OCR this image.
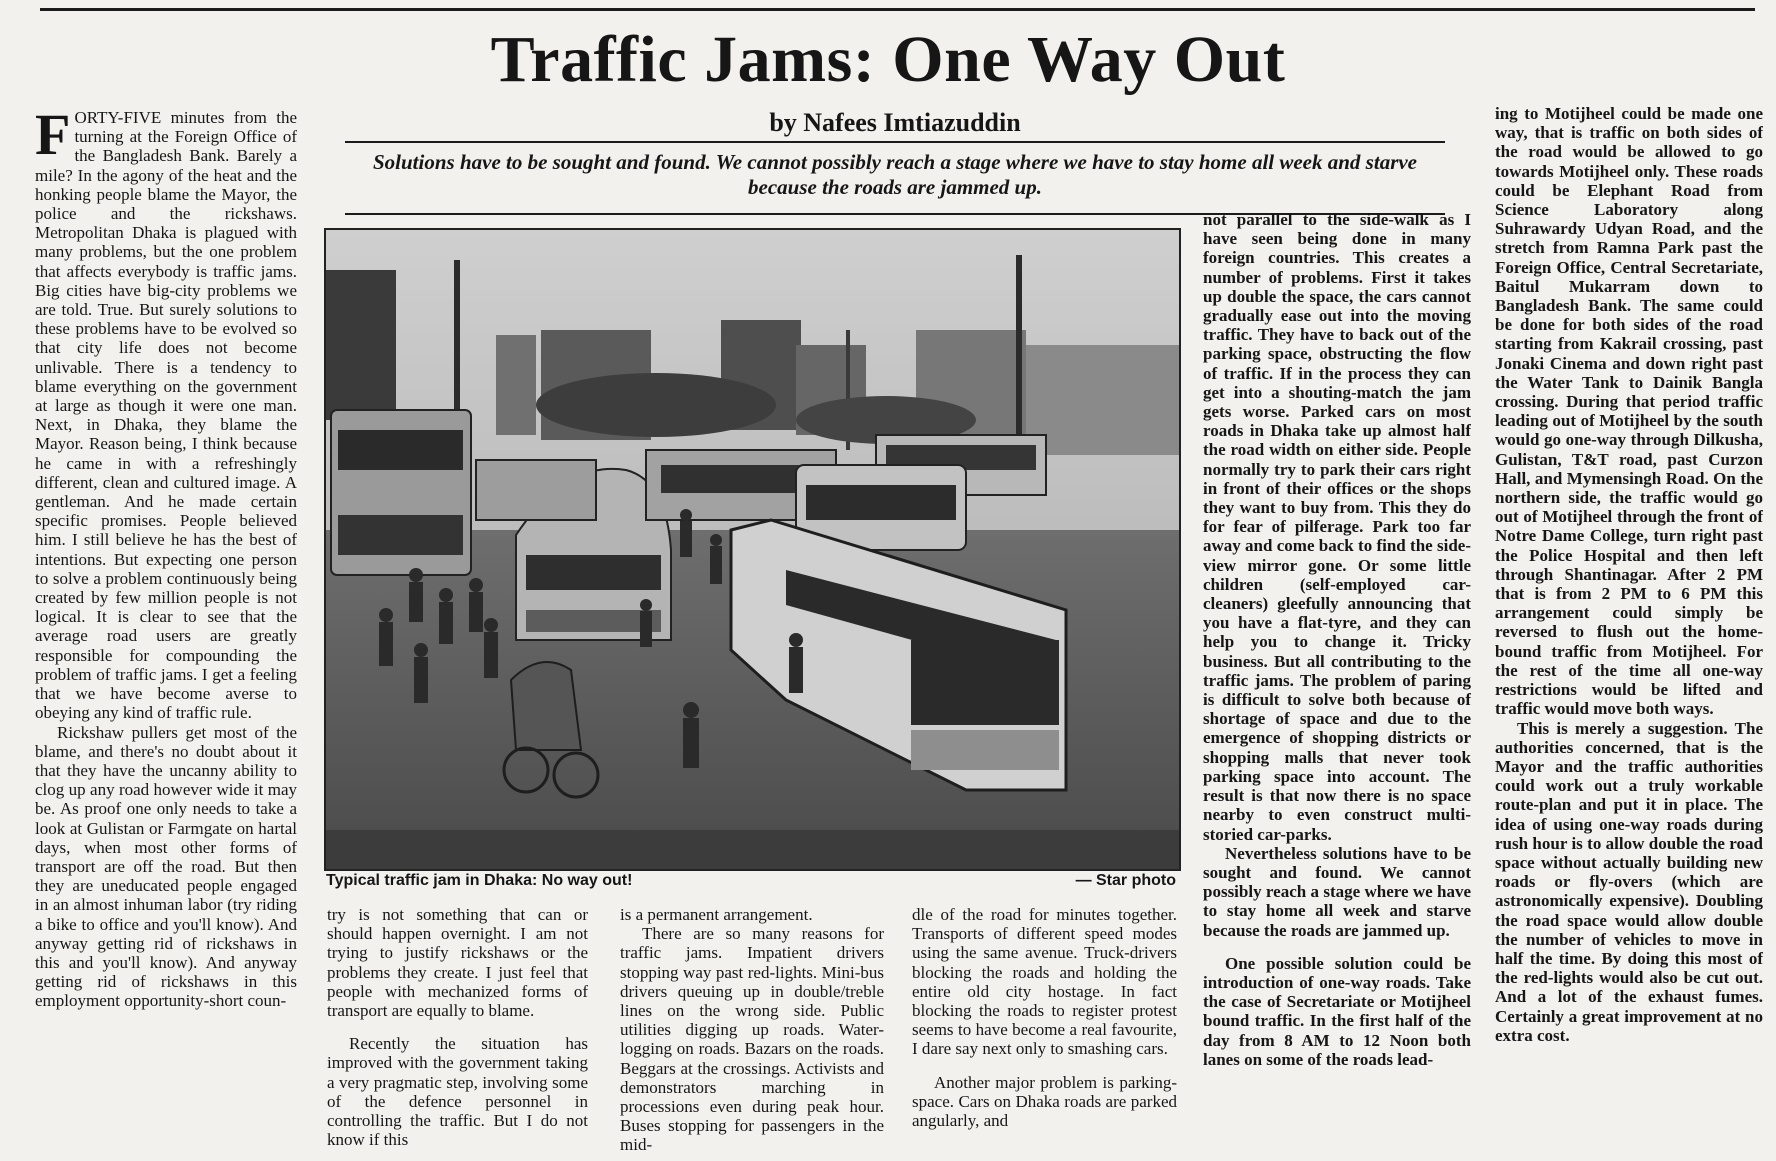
Traffic Jams: One Way Out
by Nafees Imtiazuddin
Solutions have to be sought and found. We cannot possibly reach a stage where we have to stay home all week and starve because the roads are jammed up.

FORTY-FIVE minutes from the turning at the Foreign Office of the Bangladesh Bank. Barely a mile? In the agony of the heat and the honking people blame the Mayor, the police and the rickshaws. Metropolitan Dhaka is plagued with many problems, but the one problem that affects everybody is traffic jams. Big cities have big-city problems we are told. True. But surely solutions to these problems have to be evolved so that city life does not become unlivable. There is a tendency to blame everything on the government at large as though it were one man. Next, in Dhaka, they blame the Mayor. Reason being, I think because he came in with a refreshingly different, clean and cultured image. A gentleman. And he made certain specific promises. People believed him. I still believe he has the best of intentions. But expecting one person to solve a problem continuously being created by few million people is not logical. It is clear to see that the average road users are greatly responsible for compounding the problem of traffic jams. I get a feeling that we have become averse to obeying any kind of traffic rule.

Rickshaw pullers get most of the blame, and there's no doubt about it that they have the uncanny ability to clog up any road however wide it may be. As proof one only needs to take a look at Gulistan or Farmgate on hartal days, when most other forms of transport are off the road. But then they are uneducated people engaged in an almost inhuman labor (try riding a bike to office and you'll know). And anyway getting rid of rickshaws in this and you'll know). And anyway getting rid of rickshaws in this employment opportunity-short coun-

Typical traffic jam in Dhaka: No way out!	— Star photo

try is not something that can or should happen overnight. I am not trying to justify rickshaws or the problems they create. I just feel that people with mechanized forms of transport are equally to blame.

Recently the situation has improved with the government taking a very pragmatic step, involving some of the defence personnel in controlling the traffic. But I do not know if this

is a permanent arrangement.

There are so many reasons for traffic jams. Impatient drivers stopping way past red-lights. Mini-bus drivers queuing up in double/treble lines on the wrong side. Public utilities digging up roads. Water-logging on roads. Bazars on the roads. Beggars at the crossings. Activists and demonstrators marching in processions even during peak hour. Buses stopping for passengers in the mid-

dle of the road for minutes together. Transports of different speed modes using the same avenue. Truck-drivers blocking the roads and holding the entire old city hostage. In fact blocking the roads to register protest seems to have become a real favourite, I dare say next only to smashing cars.

Another major problem is parking-space. Cars on Dhaka roads are parked angularly, and

not parallel to the side-walk as I have seen being done in many foreign countries. This creates a number of problems. First it takes up double the space, the cars cannot gradually ease out into the moving traffic. They have to back out of the parking space, obstructing the flow of traffic. If in the process they can get into a shouting-match the jam gets worse. Parked cars on most roads in Dhaka take up almost half the road width on either side. People normally try to park their cars right in front of their offices or the shops they want to buy from. This they do for fear of pilferage. Park too far away and come back to find the side-view mirror gone. Or some little children (self-employed car-cleaners) gleefully announcing that you have a flat-tyre, and they can help you to change it. Tricky business. But all contributing to the traffic jams. The problem of paring is difficult to solve both because of shortage of space and due to the emergence of shopping districts or shopping malls that never took parking space into account. The result is that now there is no space nearby to even construct multi-storied car-parks.

Nevertheless solutions have to be sought and found. We cannot possibly reach a stage where we have to stay home all week and starve because the roads are jammed up.

One possible solution could be introduction of one-way roads. Take the case of Secretariate or Motijheel bound traffic. In the first half of the day from 8 AM to 12 Noon both lanes on some of the roads lead-

ing to Motijheel could be made one way, that is traffic on both sides of the road would be allowed to go towards Motijheel only. These roads could be Elephant Road from Science Laboratory along Suhrawardy Udyan Road, and the stretch from Ramna Park past the Foreign Office, Central Secretariate, Baitul Mukarram down to Bangladesh Bank. The same could be done for both sides of the road starting from Kakrail crossing, past Jonaki Cinema and down right past the Water Tank to Dainik Bangla crossing. During that period traffic leading out of Motijheel by the south would go one-way through Dilkusha, Gulistan, T&T road, past Curzon Hall, and Mymensingh Road. On the northern side, the traffic would go out of Motijheel through the front of Notre Dame College, turn right past the Police Hospital and then left through Shantinagar. After 2 PM that is from 2 PM to 6 PM this arrangement could simply be reversed to flush out the home-bound traffic from Motijheel. For the rest of the time all one-way restrictions would be lifted and traffic would move both ways.

This is merely a suggestion. The authorities concerned, that is the Mayor and the traffic authorities could work out a truly workable route-plan and put it in place. The idea of using one-way roads during rush hour is to allow double the road space without actually building new roads or fly-overs (which are astronomically expensive). Doubling the road space would allow double the number of vehicles to move in half the time. By doing this most of the red-lights would also be cut out. And a lot of the exhaust fumes. Certainly a great improvement at no extra cost.
